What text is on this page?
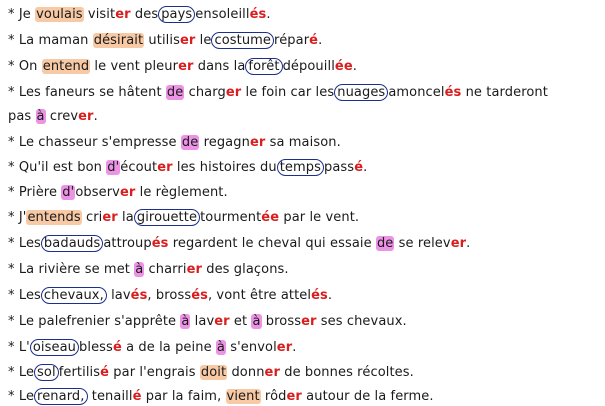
* Je voulais visiter des pays ensoleillés.
* La maman désirait utiliser le costume réparé.
* On entend le vent pleurer dans la forêt dépouillée.
* Les faneurs se hâtent de charger le foin car les nuages amoncelés ne tarderont
pas à crever.
* Le chasseur s'empresse de regagner sa maison.
* Qu'il est bon d'écouter les histoires du temps passé.
* Prière d'observer le règlement.
* J'entends crier la girouette tourmentée par le vent.
* Les badauds attroupés regardent le cheval qui essaie de se relever.
* La rivière se met à charrier des glaçons.
* Les chevaux, lavés, brossés, vont être attelés.
* Le palefrenier s'apprête à laver et à brosser ses chevaux.
* L' oiseau blessé a de la peine à s'envoler.
* Le sol fertilisé par l'engrais doit donner de bonnes récoltes.
* Le renard, tenaillé par la faim, vient rôder autour de la ferme.
